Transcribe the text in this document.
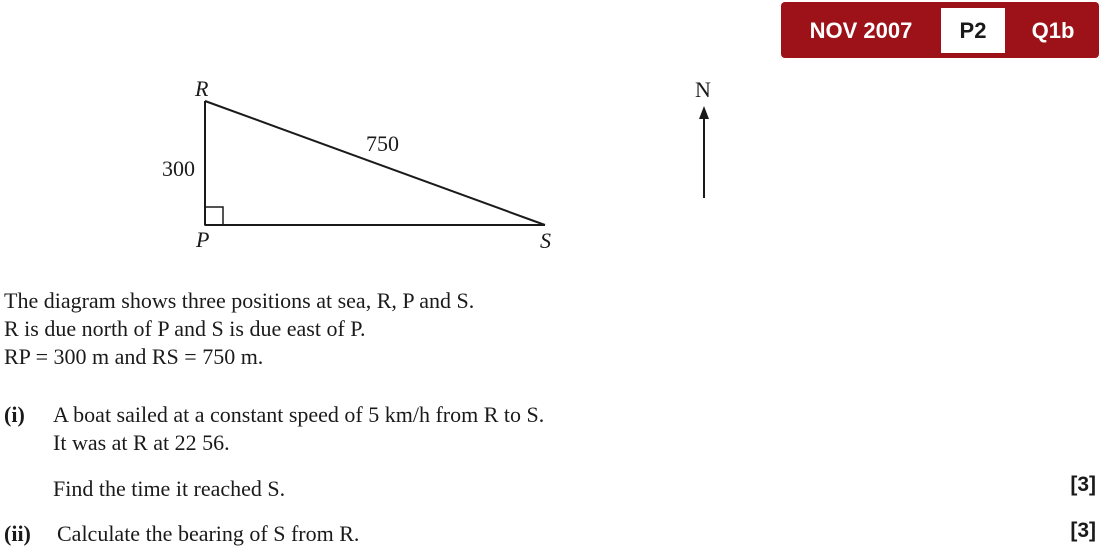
NOV 2007	P2	Q1b
R
P	S
300
750
N
The diagram shows three positions at sea, R, P and S.
R is due north of P and S is due east of P.
RP = 300 m and RS = 750 m.
(i) A boat sailed at a constant speed of 5 km/h from R to S.
It was at R at 22 56.
Find the time it reached S.	[3]
(ii) Calculate the bearing of S from R.	[3]
